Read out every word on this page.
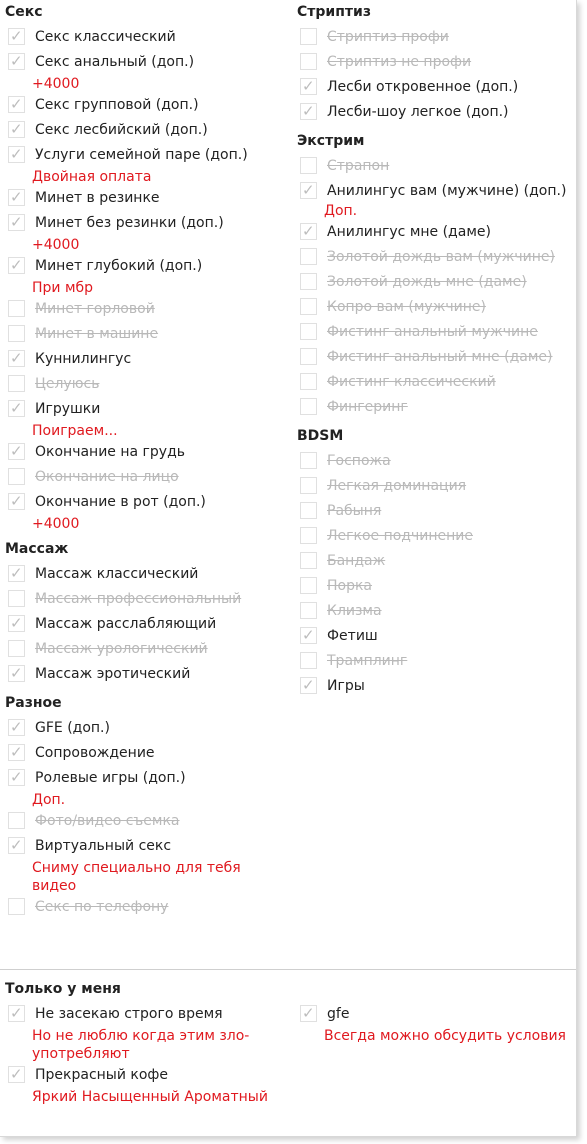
Секс
✓ Секс классический
✓ Секс анальный (доп.)
+4000
✓ Секс групповой (доп.)
✓ Секс лесбийский (доп.)
✓ Услуги семейной паре (доп.)
Двойная оплата
✓ Минет в резинке
✓ Минет без резинки (доп.)
+4000
✓ Минет глубокий (доп.)
При мбр
Минет горловой
Минет в машине
✓ Куннилингус
Целуюсь
✓ Игрушки
Поиграем...
✓ Окончание на грудь
Окончание на лицо
✓ Окончание в рот (доп.)
+4000
Массаж
✓ Массаж классический
Массаж профессиональный
✓ Массаж расслабляющий
Массаж урологический
✓ Массаж эротический
Разное
✓ GFE (доп.)
✓ Сопровождение
✓ Ролевые игры (доп.)
Доп.
Фото/видео съемка
✓ Виртуальный секс
Сниму специально для тебя видео
Секс по телефону
Стриптиз
Стриптиз профи
Стриптиз не профи
✓ Лесби откровенное (доп.)
✓ Лесби-шоу легкое (доп.)
Экстрим
Страпон
✓ Анилингус вам (мужчине) (доп.)
Доп.
✓ Анилингус мне (даме)
Золотой дождь вам (мужчине)
Золотой дождь мне (даме)
Копро вам (мужчине)
Фистинг анальный мужчине
Фистинг анальный мне (даме)
Фистинг классический
Фингеринг
BDSM
Госпожа
Легкая доминация
Рабыня
Легкое подчинение
Бандаж
Порка
Клизма
✓ Фетиш
Трамплинг
✓ Игры
Только у меня
✓ Не засекаю строго время
Но не люблю когда этим зло-употребляют
✓ Прекрасный кофе
Яркий Насыщенный Ароматный
✓ gfe
Всегда можно обсудить условия
